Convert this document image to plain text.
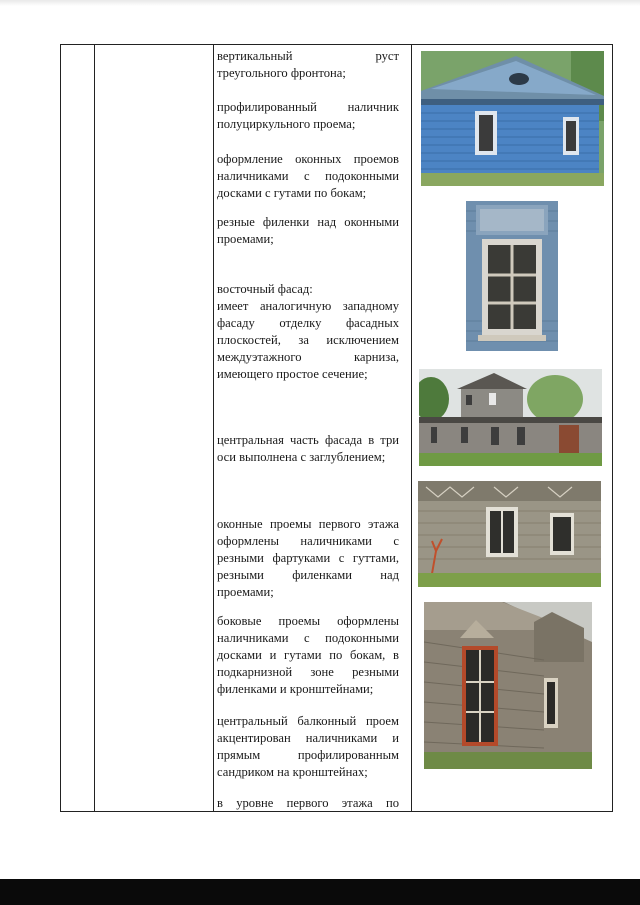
вертикальный руст
треугольного фронтона;
профилированный наличник
полуциркульного проема;
оформление оконных проемов
наличниками с подоконными
досками с гутами по бокам;
резные филенки над оконными
проемами;
восточный фасад:
имеет аналогичную западному
фасаду отделку фасадных
плоскостей, за исключением
междуэтажного карниза,
имеющего простое сечение;
центральная часть фасада в три
оси выполнена с заглублением;
оконные проемы первого этажа
оформлены наличниками с
резными фартуками с гуттами,
резными филенками над
проемами;
боковые проемы оформлены
наличниками с подоконными
досками и гутами по бокам, в
подкарнизной зоне резными
филенками и кронштейнами;
центральный балконный проем
акцентирован наличниками и
прямым профилированным
сандриком на кронштейнах;
в уровне первого этажа по
